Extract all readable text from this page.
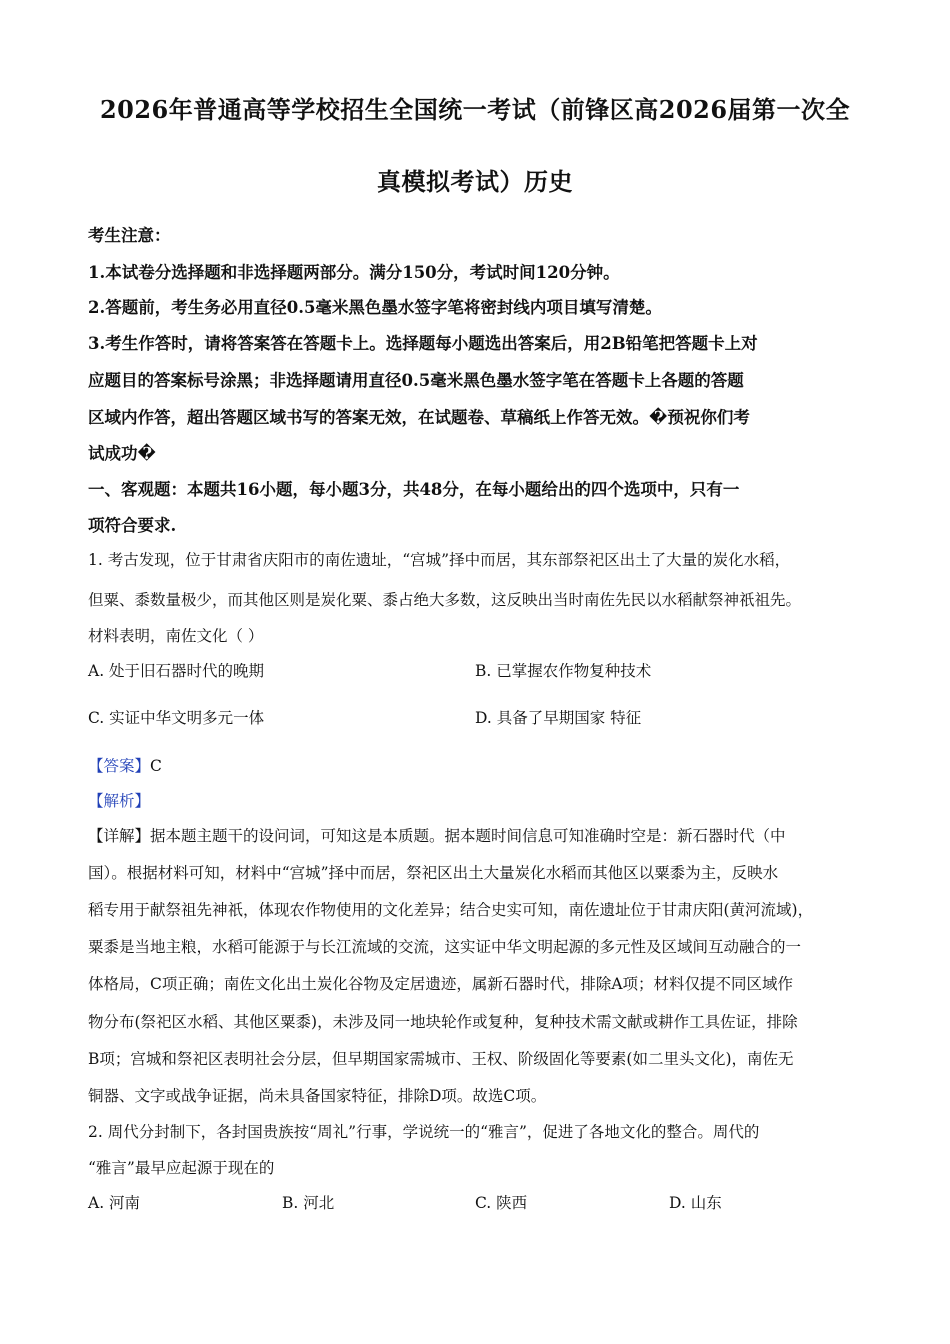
2026年普通高等学校招生全国统一考试（前锋区高2026届第一次全
真模拟考试）历史
考生注意：
1.本试卷分选择题和非选择题两部分。满分150分，考试时间120分钟。
2.答题前，考生务必用直径0.5毫米黑色墨水签字笔将密封线内项目填写清楚。
3.考生作答时，请将答案答在答题卡上。选择题每小题选出答案后，用2B铅笔把答题卡上对
应题目的答案标号涂黑；非选择题请用直径0.5毫米黑色墨水签字笔在答题卡上各题的答题
区域内作答，超出答题区域书写的答案无效，在试题卷、草稿纸上作答无效。�预祝你们考
试成功�
一、客观题：本题共16小题，每小题3分，共48分，在每小题给出的四个选项中，只有一
项符合要求.
1. 考古发现，位于甘肃省庆阳市的南佐遗址，“宫城”择中而居，其东部祭祀区出土了大量的炭化水稻，
但粟、黍数量极少，而其他区则是炭化粟、黍占绝大多数，这反映出当时南佐先民以水稻献祭神祇祖先。
材料表明，南佐文化（ ）
A. 处于旧石器时代的晚期	B. 已掌握农作物复种技术
C. 实证中华文明多元一体	D. 具备了早期国家 特征
【答案】C
【解析】
【详解】据本题主题干的设问词，可知这是本质题。据本题时间信息可知准确时空是：新石器时代（中
国）。根据材料可知，材料中“宫城”择中而居，祭祀区出土大量炭化水稻而其他区以粟黍为主，反映水
稻专用于献祭祖先神祇，体现农作物使用的文化差异；结合史实可知，南佐遗址位于甘肃庆阳(黄河流域)，
粟黍是当地主粮，水稻可能源于与长江流域的交流，这实证中华文明起源的多元性及区域间互动融合的一
体格局，C项正确；南佐文化出土炭化谷物及定居遗迹，属新石器时代，排除A项；材料仅提不同区域作
物分布(祭祀区水稻、其他区粟黍)，未涉及同一地块轮作或复种，复种技术需文献或耕作工具佐证，排除
B项；宫城和祭祀区表明社会分层，但早期国家需城市、王权、阶级固化等要素(如二里头文化)，南佐无
铜器、文字或战争证据，尚未具备国家特征，排除D项。故选C项。
2. 周代分封制下，各封国贵族按“周礼”行事，学说统一的“雅言”，促进了各地文化的整合。周代的
“雅言”最早应起源于现在的
A. 河南	B. 河北	C. 陕西	D. 山东
